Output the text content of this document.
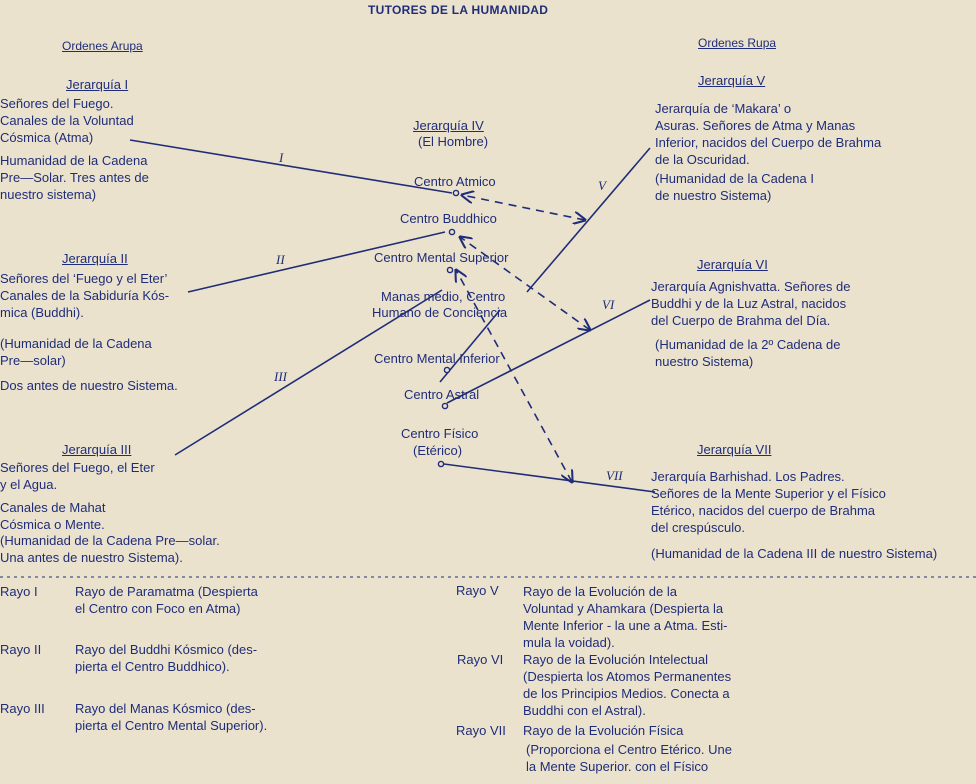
TUTORES DE LA HUMANIDAD
Ordenes Arupa	Ordenes Rupa
Jerarquía I
Señores del Fuego.
Canales de la Voluntad
Cósmica (Atma)
Humanidad de la Cadena
Pre—Solar. Tres antes de
nuestro sistema)
Jerarquía II
Señores del ‘Fuego y el Eter’
Canales de la Sabiduría Kós-
mica (Buddhi).
(Humanidad de la Cadena
Pre—solar)
Dos antes de nuestro Sistema.
Jerarquía III
Señores del Fuego, el Eter
y el Agua.
Canales de Mahat
Cósmica o Mente.
(Humanidad de la Cadena Pre—solar.
Una antes de nuestro Sistema).
Jerarquía IV
(El Hombre)
Centro Atmico
Centro Buddhico
Centro Mental Superior
Manas medio, Centro
Humano de Conciencia
Centro Mental Inferior
Centro Astral
Centro Físico
(Etérico)
I
II
III
V
VI
VII
Jerarquía V
Jerarquía de ‘Makara’ o
Asuras. Señores de Atma y Manas
Inferior, nacidos del Cuerpo de Brahma
de la Oscuridad.
(Humanidad de la Cadena I
de nuestro Sistema)
Jerarquía VI
Jerarquía Agnishvatta. Señores de
Buddhi y de la Luz Astral, nacidos
del Cuerpo de Brahma del Día.
(Humanidad de la 2º Cadena de
nuestro Sistema)
Jerarquía VII
Jerarquía Barhishad. Los Padres.
Señores de la Mente Superior y el Físico
Etérico, nacidos del cuerpo de Brahma
del crespúsculo.
(Humanidad de la Cadena III de nuestro Sistema)
Rayo I	Rayo de Paramatma (Despierta
el Centro con Foco en Atma)
Rayo II	Rayo del Buddhi Kósmico (des-
pierta el Centro Buddhico).
Rayo III Rayo del Manas Kósmico (des-
pierta el Centro Mental Superior).
Rayo V Rayo de la Evolución de la
Voluntad y Ahamkara (Despierta la
Mente Inferior - la une a Atma. Esti-
mula la voidad).
Rayo VI Rayo de la Evolución Intelectual
(Despierta los Atomos Permanentes
de los Principios Medios. Conecta a
Buddhi con el Astral).
Rayo VII Rayo de la Evolución Física
(Proporciona el Centro Etérico. Une
la Mente Superior. con el Físico
